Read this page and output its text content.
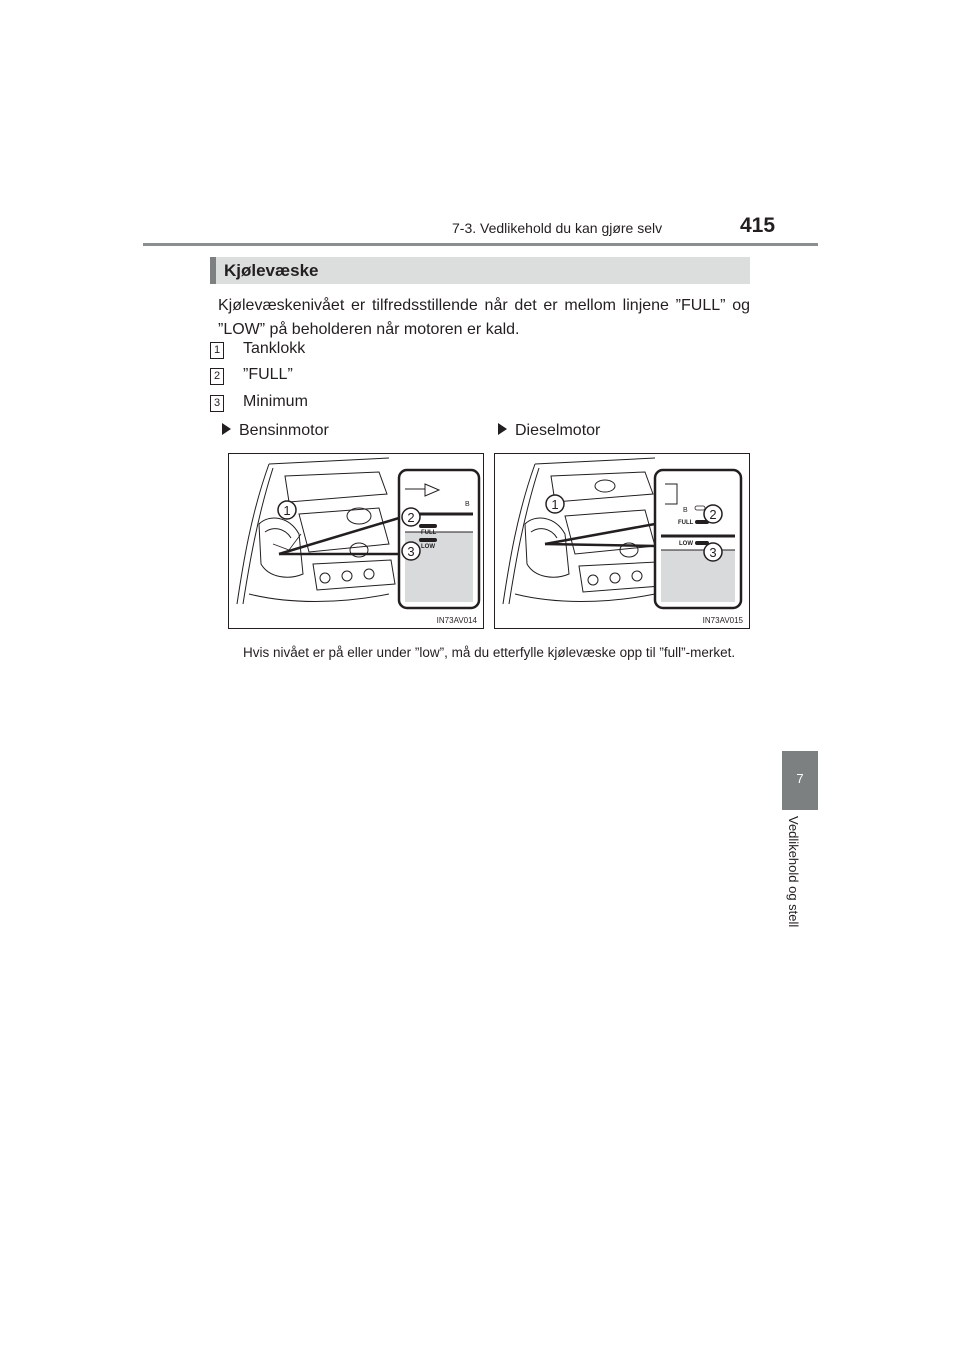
7-3. Vedlikehold du kan gjøre selv	415
Kjølevæske
Kjølevæskenivået er tilfredsstillende når det er mellom linjene ”FULL” og ”LOW” på beholderen når motoren er kald.
1 Tanklokk
2 ”FULL”
3 Minimum
Bensinmotor	Dieselmotor
FULL
LOW
B
1	2
3
IN73AV014
FULL
LOW
B
1
2
3
IN73AV015
Hvis nivået er på eller under ”low”, må du etterfylle kjølevæske opp til ”full”-merket.
7
Vedlikehold og stell
